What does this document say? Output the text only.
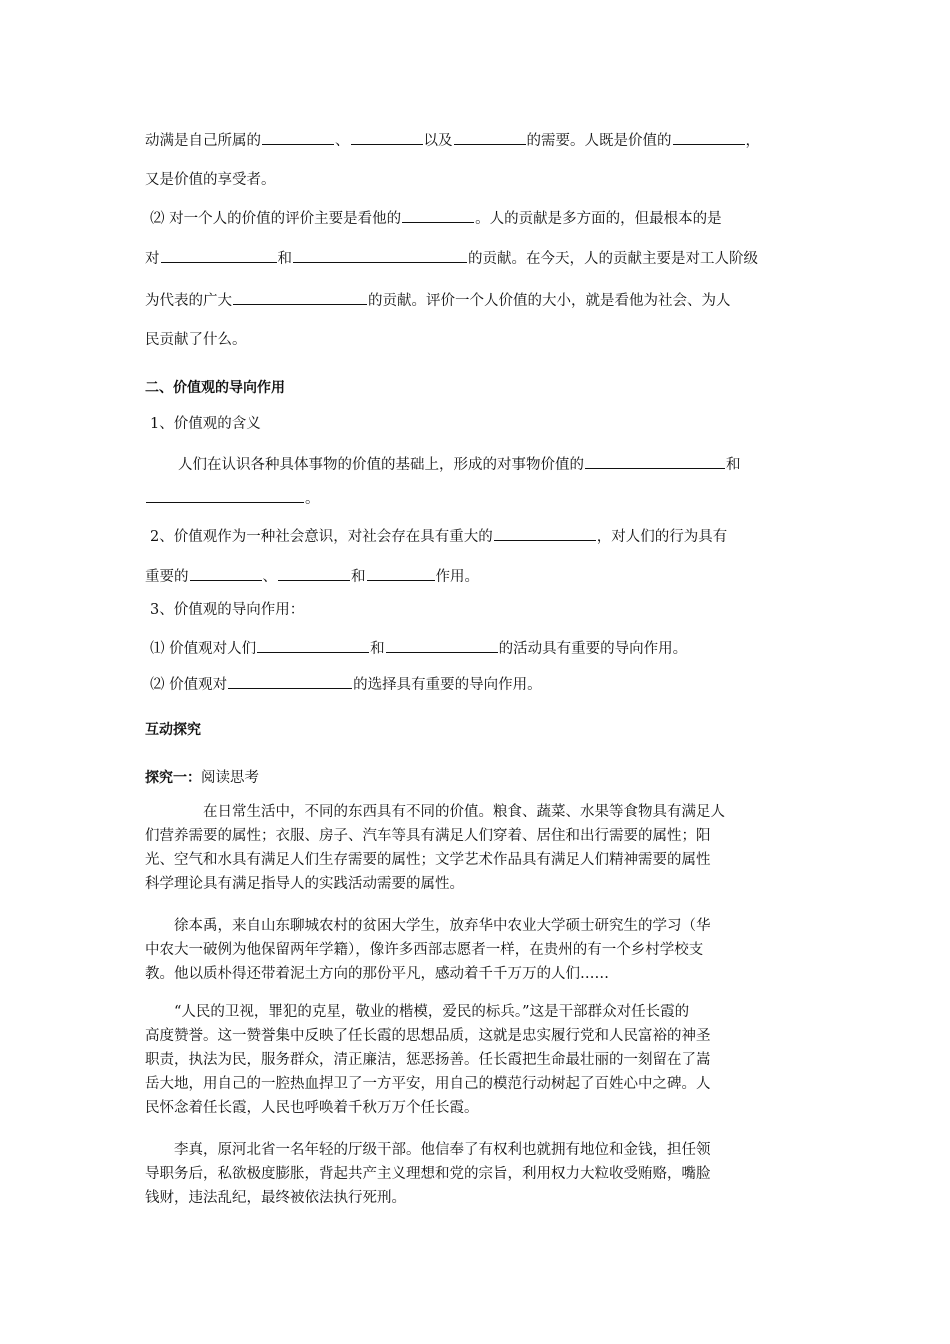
动满是自己所属的	、	以及	的需要。人既是价值的	，
又是价值的享受者。
⑵ 对一个人的价值的评价主要是看他的	。人的贡献是多方面的，但最根本的是
对	和	的贡献。在今天，人的贡献主要是对工人阶级
为代表的广大	的贡献。评价一个人价值的大小，就是看他为社会、为人
民贡献了什么。
二、价值观的导向作用
1、价值观的含义
人们在认识各种具体事物的价值的基础上，形成的对事物价值的	和
。
2、价值观作为一种社会意识，对社会存在具有重大的	，对人们的行为具有
重要的	、	和	作用。
3、价值观的导向作用：
⑴ 价值观对人们	和	的活动具有重要的导向作用。
⑵ 价值观对	的选择具有重要的导向作用。
互动探究
探究一：阅读思考
在日常生活中，不同的东西具有不同的价值。粮食、蔬菜、水果等食物具有满足人
们营养需要的属性；衣服、房子、汽车等具有满足人们穿着、居住和出行需要的属性；阳
光、空气和水具有满足人们生存需要的属性；文学艺术作品具有满足人们精神需要的属性
科学理论具有满足指导人的实践活动需要的属性。
徐本禹，来自山东聊城农村的贫困大学生，放弃华中农业大学硕士研究生的学习（华
中农大一破例为他保留两年学籍），像许多西部志愿者一样，在贵州的有一个乡村学校支
教。他以质朴得还带着泥土方向的那份平凡，感动着千千万万的人们……
“人民的卫视，罪犯的克星，敬业的楷模，爱民的标兵。”这是干部群众对任长霞的
高度赞誉。这一赞誉集中反映了任长霞的思想品质，这就是忠实履行党和人民富裕的神圣
职责，执法为民，服务群众，清正廉洁，惩恶扬善。任长霞把生命最壮丽的一刻留在了嵩
岳大地，用自己的一腔热血捍卫了一方平安，用自己的模范行动树起了百姓心中之碑。人
民怀念着任长霞，人民也呼唤着千秋万万个任长霞。
李真，原河北省一名年轻的厅级干部。他信奉了有权利也就拥有地位和金钱，担任领
导职务后，私欲极度膨胀，背起共产主义理想和党的宗旨，利用权力大粒收受贿赂，嘴脸
钱财，违法乱纪，最终被依法执行死刑。
